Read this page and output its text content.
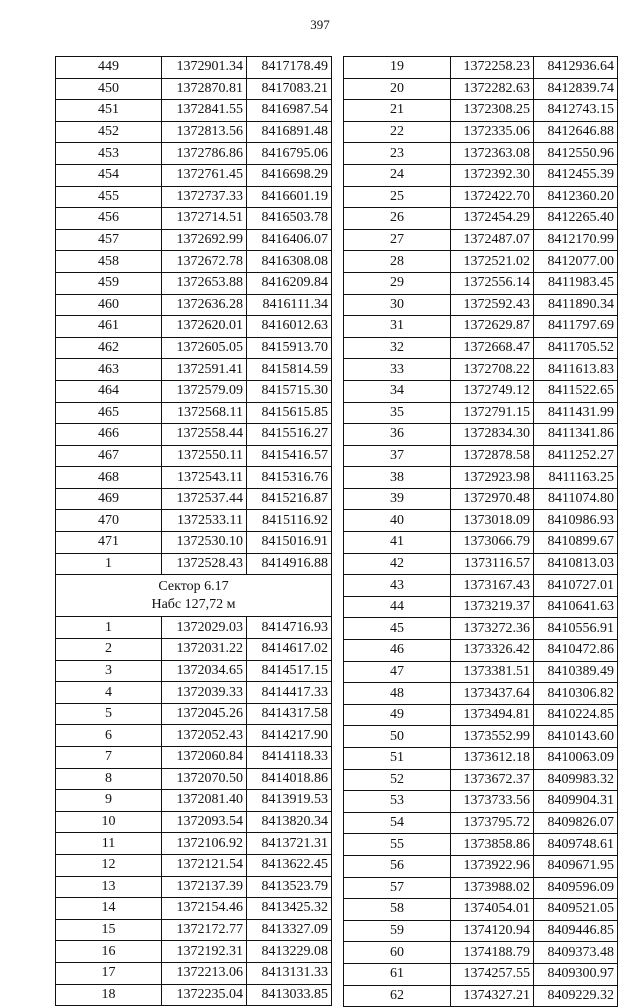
397
449	1372901.34	8417178.49
450	1372870.81	8417083.21
451	1372841.55	8416987.54
452	1372813.56	8416891.48
453	1372786.86	8416795.06
454	1372761.45	8416698.29
455	1372737.33	8416601.19
456	1372714.51	8416503.78
457	1372692.99	8416406.07
458	1372672.78	8416308.08
459	1372653.88	8416209.84
460	1372636.28	8416111.34
461	1372620.01	8416012.63
462	1372605.05	8415913.70
463	1372591.41	8415814.59
464	1372579.09	8415715.30
465	1372568.11	8415615.85
466	1372558.44	8415516.27
467	1372550.11	8415416.57
468	1372543.11	8415316.76
469	1372537.44	8415216.87
470	1372533.11	8415116.92
471	1372530.10	8415016.91
1	1372528.43	8414916.88

Сектор 6.17
Набс 127,72 м		

1	1372029.03	8414716.93
2	1372031.22	8414617.02
3	1372034.65	8414517.15
4	1372039.33	8414417.33
5	1372045.26	8414317.58
6	1372052.43	8414217.90
7	1372060.84	8414118.33
8	1372070.50	8414018.86
9	1372081.40	8413919.53
10	1372093.54	8413820.34
11	1372106.92	8413721.31
12	1372121.54	8413622.45
13	1372137.39	8413523.79
14	1372154.46	8413425.32
15	1372172.77	8413327.09
16	1372192.31	8413229.08
17	1372213.06	8413131.33
18	1372235.04	8413033.85
19	1372258.23	8412936.64
20	1372282.63	8412839.74
21	1372308.25	8412743.15
22	1372335.06	8412646.88
23	1372363.08	8412550.96
24	1372392.30	8412455.39
25	1372422.70	8412360.20
26	1372454.29	8412265.40
27	1372487.07	8412170.99
28	1372521.02	8412077.00
29	1372556.14	8411983.45
30	1372592.43	8411890.34
31	1372629.87	8411797.69
32	1372668.47	8411705.52
33	1372708.22	8411613.83
34	1372749.12	8411522.65
35	1372791.15	8411431.99
36	1372834.30	8411341.86
37	1372878.58	8411252.27
38	1372923.98	8411163.25
39	1372970.48	8411074.80
40	1373018.09	8410986.93
41	1373066.79	8410899.67
42	1373116.57	8410813.03
43	1373167.43	8410727.01
44	1373219.37	8410641.63
45	1373272.36	8410556.91
46	1373326.42	8410472.86
47	1373381.51	8410389.49
48	1373437.64	8410306.82
49	1373494.81	8410224.85
50	1373552.99	8410143.60
51	1373612.18	8410063.09
52	1373672.37	8409983.32
53	1373733.56	8409904.31
54	1373795.72	8409826.07
55	1373858.86	8409748.61
56	1373922.96	8409671.95
57	1373988.02	8409596.09
58	1374054.01	8409521.05
59	1374120.94	8409446.85
60	1374188.79	8409373.48
61	1374257.55	8409300.97
62	1374327.21	8409229.32
